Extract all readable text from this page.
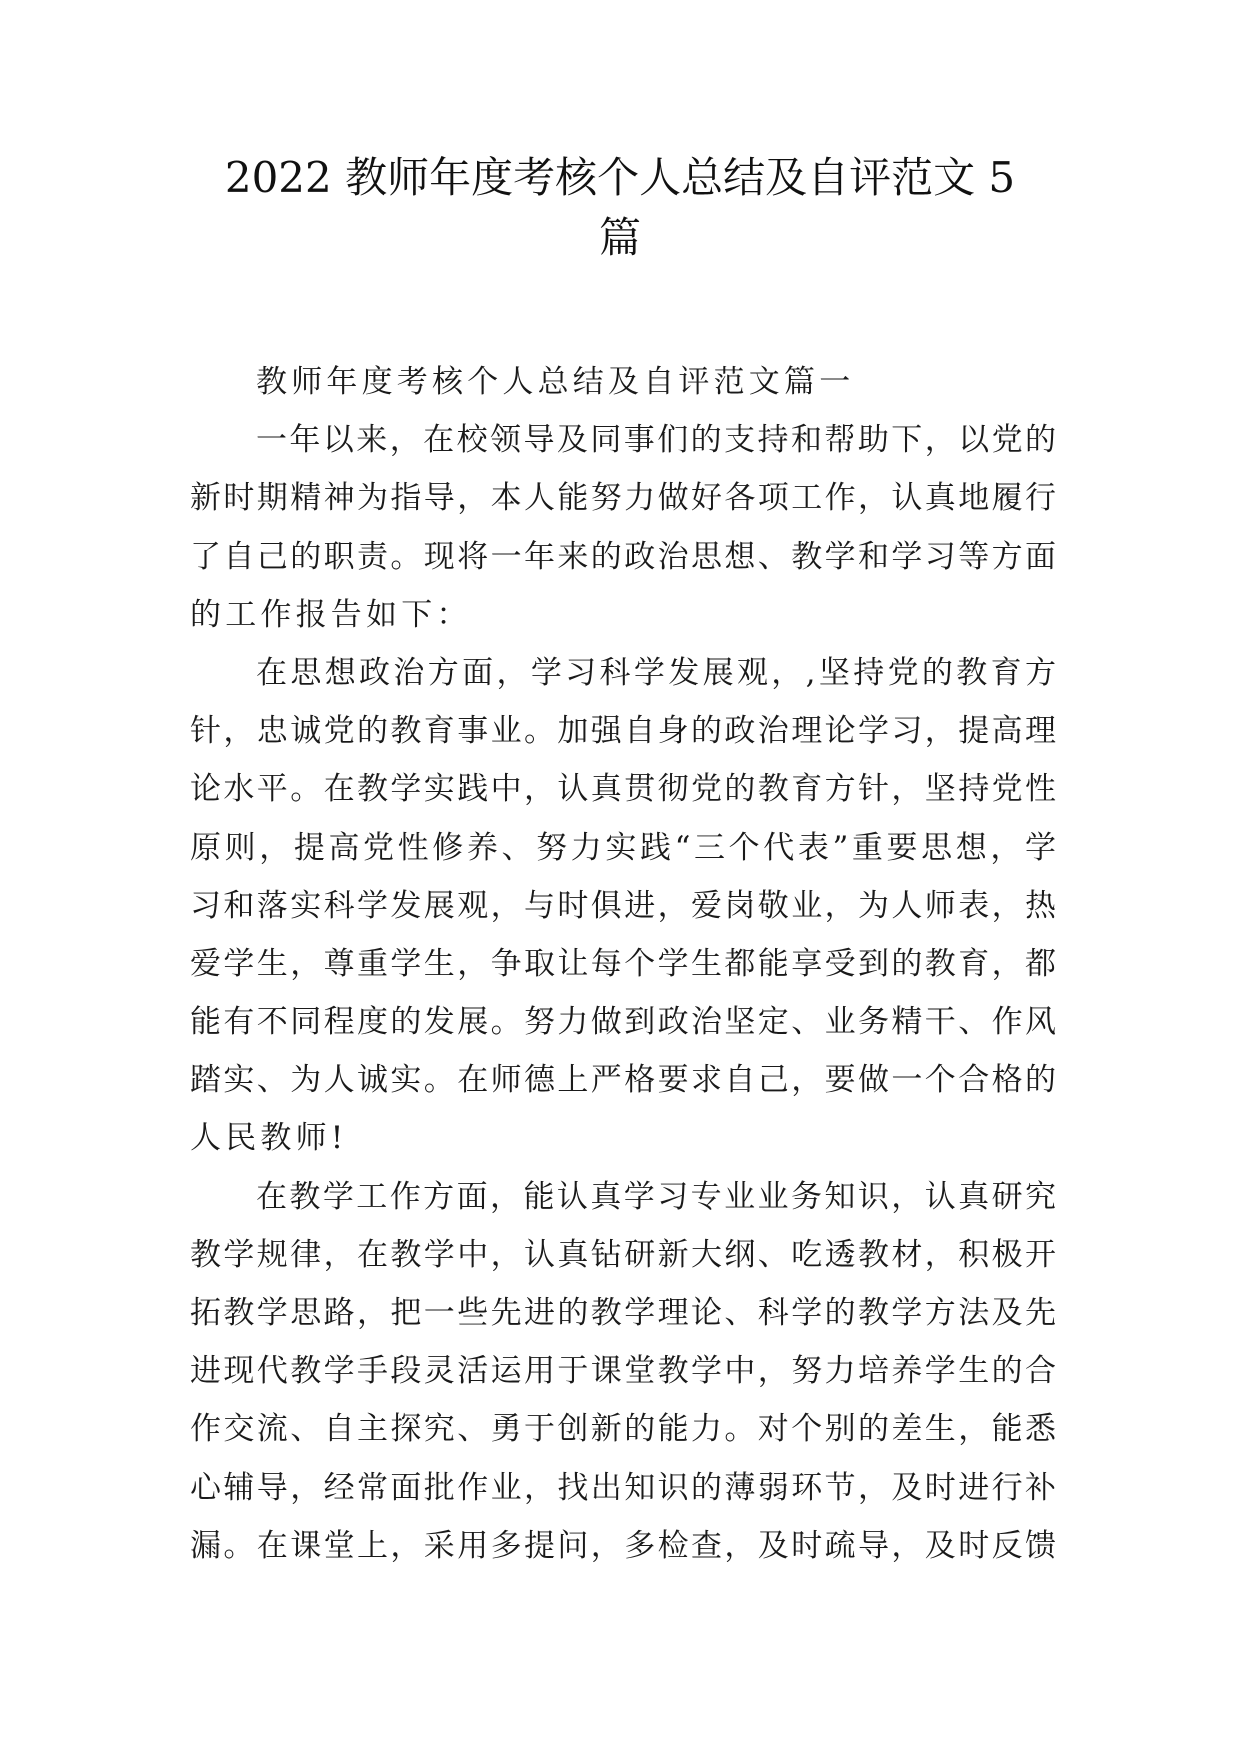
2022 教师年度考核个人总结及自评范文 5
篇
教师年度考核个人总结及自评范文篇一
一年以来，在校领导及同事们的支持和帮助下，以党的
新时期精神为指导，本人能努力做好各项工作，认真地履行
了自己的职责。现将一年来的政治思想、教学和学习等方面
的工作报告如下：
在思想政治方面，学习科学发展观，,坚持党的教育方
针，忠诚党的教育事业。加强自身的政治理论学习，提高理
论水平。在教学实践中，认真贯彻党的教育方针，坚持党性
原则，提高党性修养、努力实践“三个代表”重要思想，学
习和落实科学发展观，与时俱进，爱岗敬业，为人师表，热
爱学生，尊重学生，争取让每个学生都能享受到的教育，都
能有不同程度的发展。努力做到政治坚定、业务精干、作风
踏实、为人诚实。在师德上严格要求自己，要做一个合格的
人民教师!
在教学工作方面，能认真学习专业业务知识，认真研究
教学规律，在教学中，认真钻研新大纲、吃透教材，积极开
拓教学思路，把一些先进的教学理论、科学的教学方法及先
进现代教学手段灵活运用于课堂教学中，努力培养学生的合
作交流、自主探究、勇于创新的能力。对个别的差生，能悉
心辅导，经常面批作业，找出知识的薄弱环节，及时进行补
漏。在课堂上，采用多提问，多检查，及时疏导，及时反馈
